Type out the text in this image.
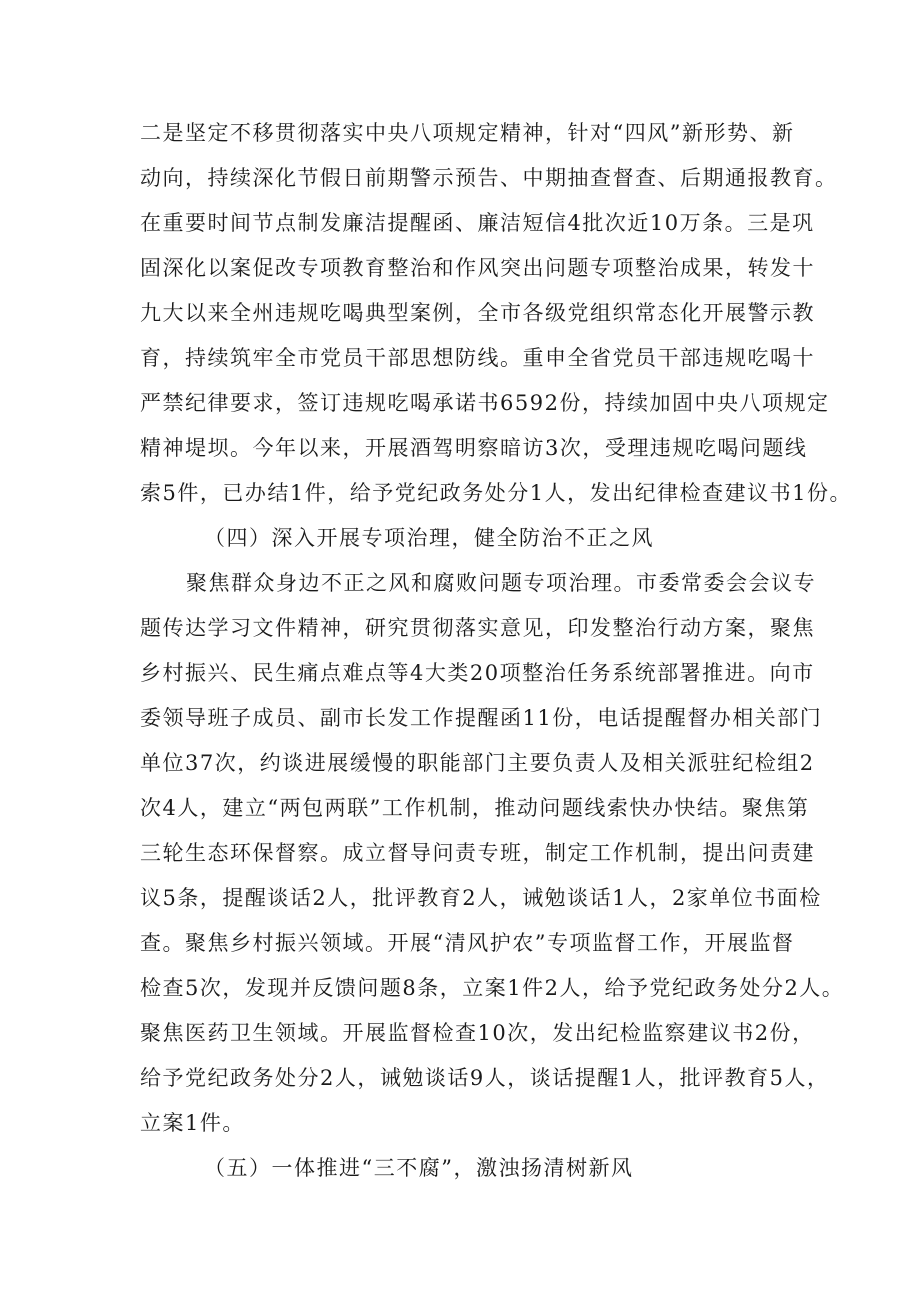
二是坚定不移贯彻落实中央八项规定精神，针对“四风”新形势、新
动向，持续深化节假日前期警示预告、中期抽查督查、后期通报教育。
在重要时间节点制发廉洁提醒函、廉洁短信4批次近10万条。三是巩
固深化以案促改专项教育整治和作风突出问题专项整治成果，转发十
九大以来全州违规吃喝典型案例，全市各级党组织常态化开展警示教
育，持续筑牢全市党员干部思想防线。重申全省党员干部违规吃喝十
严禁纪律要求，签订违规吃喝承诺书6592份，持续加固中央八项规定
精神堤坝。今年以来，开展酒驾明察暗访3次，受理违规吃喝问题线
索5件，已办结1件，给予党纪政务处分1人，发出纪律检查建议书1份。
（四）深入开展专项治理，健全防治不正之风
聚焦群众身边不正之风和腐败问题专项治理。市委常委会会议专
题传达学习文件精神，研究贯彻落实意见，印发整治行动方案，聚焦
乡村振兴、民生痛点难点等4大类20项整治任务系统部署推进。向市
委领导班子成员、副市长发工作提醒函11份，电话提醒督办相关部门
单位37次，约谈进展缓慢的职能部门主要负责人及相关派驻纪检组2
次4人，建立“两包两联”工作机制，推动问题线索快办快结。聚焦第
三轮生态环保督察。成立督导问责专班，制定工作机制，提出问责建
议5条，提醒谈话2人，批评教育2人，诫勉谈话1人，2家单位书面检
查。聚焦乡村振兴领域。开展“清风护农”专项监督工作，开展监督
检查5次，发现并反馈问题8条，立案1件2人，给予党纪政务处分2人。
聚焦医药卫生领域。开展监督检查10次，发出纪检监察建议书2份，
给予党纪政务处分2人，诫勉谈话9人，谈话提醒1人，批评教育5人，
立案1件。
（五）一体推进“三不腐”，激浊扬清树新风
